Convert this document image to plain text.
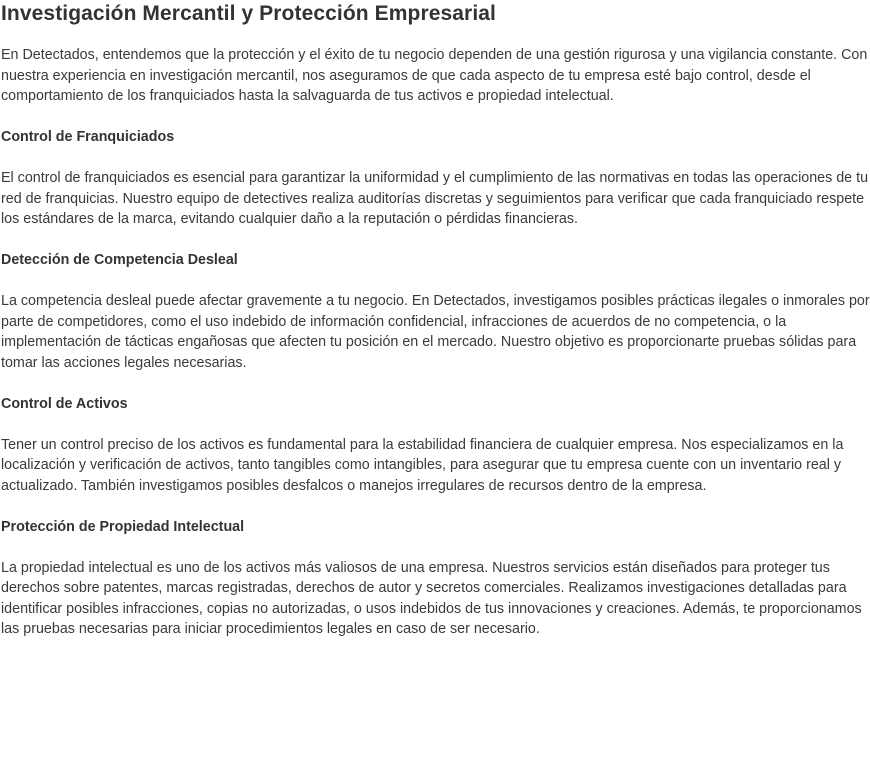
Investigación Mercantil y Protección Empresarial

En Detectados, entendemos que la protección y el éxito de tu negocio dependen de una gestión rigurosa y una vigilancia constante. Con nuestra experiencia en investigación mercantil, nos aseguramos de que cada aspecto de tu empresa esté bajo control, desde el comportamiento de los franquiciados hasta la salvaguarda de tus activos e propiedad intelectual.

Control de Franquiciados

El control de franquiciados es esencial para garantizar la uniformidad y el cumplimiento de las normativas en todas las operaciones de tu red de franquicias. Nuestro equipo de detectives realiza auditorías discretas y seguimientos para verificar que cada franquiciado respete los estándares de la marca, evitando cualquier daño a la reputación o pérdidas financieras.

Detección de Competencia Desleal

La competencia desleal puede afectar gravemente a tu negocio. En Detectados, investigamos posibles prácticas ilegales o inmorales por parte de competidores, como el uso indebido de información confidencial, infracciones de acuerdos de no competencia, o la implementación de tácticas engañosas que afecten tu posición en el mercado. Nuestro objetivo es proporcionarte pruebas sólidas para tomar las acciones legales necesarias.

Control de Activos

Tener un control preciso de los activos es fundamental para la estabilidad financiera de cualquier empresa. Nos especializamos en la localización y verificación de activos, tanto tangibles como intangibles, para asegurar que tu empresa cuente con un inventario real y actualizado. También investigamos posibles desfalcos o manejos irregulares de recursos dentro de la empresa.

Protección de Propiedad Intelectual

La propiedad intelectual es uno de los activos más valiosos de una empresa. Nuestros servicios están diseñados para proteger tus derechos sobre patentes, marcas registradas, derechos de autor y secretos comerciales. Realizamos investigaciones detalladas para identificar posibles infracciones, copias no autorizadas, o usos indebidos de tus innovaciones y creaciones. Además, te proporcionamos las pruebas necesarias para iniciar procedimientos legales en caso de ser necesario.
